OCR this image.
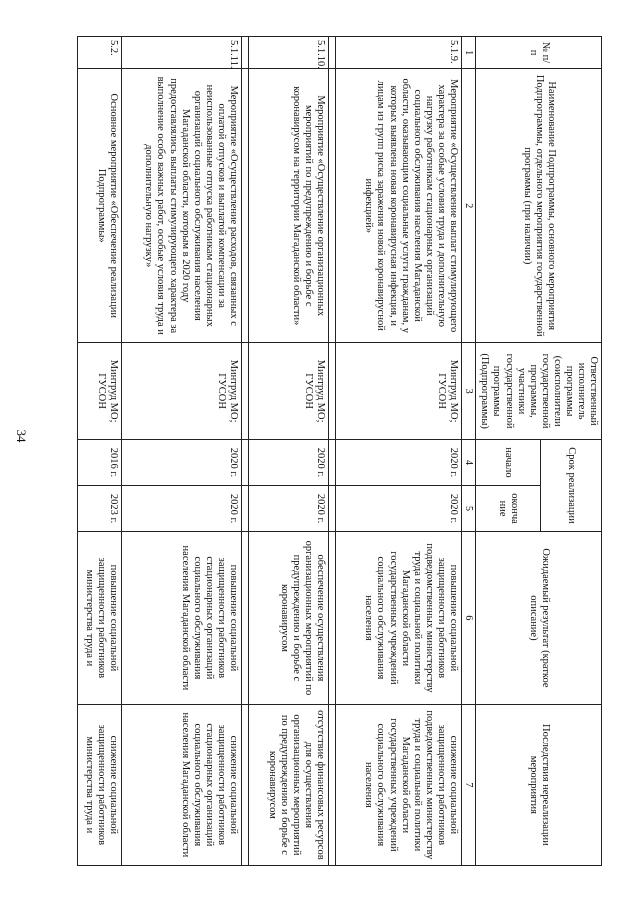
34
№ п/п	Наименование Подпрограммы, основного мероприятия Подпрограммы, отдельного мероприятия государственной программы (при наличии)	Ответственный исполнитель программы (соисполнители государственной программы, участники государственной программы (Подпрограммы)	Срок реализации		Ожидаемый результат (краткое описание)	Последствия нереализации мероприятия
			начало	оконча ние		
1	2	3	4	5	6	7
5.1.9.	Мероприятие «Осуществление выплат стимулирующего характера за особые условия труда и дополнительную нагрузку работникам стационарных организаций социального обслуживания населения Магаданской области, оказывающим социальные услуги гражданам, у которых выявлена новая коронавирусная инфекция, и лицам из групп риска заражения новой коронавирусной инфекцией»	Минтруд МО; ГУСОН	2020 г.	2020 г.	повышение социальной защищенности работников подведомственных министерству труда и социальной политики Магаданской области государственных учреждений социального обслуживания населения	снижение социальной защищенности работников подведомственных министерству труда и социальной политики Магаданской области государственных учреждений социального обслуживания населения

5.1.10.	Мероприятие «Осуществление организационных мероприятий по предупреждению и борьбе с коронавирусом на территории Магаданской области»	Минтруд МО; ГУСОН	2020 г.	2020 г.	обеспечение осуществления организационных мероприятий по предупреждению и борьбе с коронавирусом	отсутствие финансовых ресурсов для осуществления организационных мероприятий по предупреждению и борьбе с коронавирусом

5.1.11.	Мероприятие «Осуществление расходов, связанных с оплатой отпусков и выплатой компенсации за неиспользованные отпуска работникам стационарных организаций социального обслуживания населения Магаданской области, которым в 2020 году предоставлялись выплаты стимулирующего характера за выполнение особо важных работ, особые условия труда и дополнительную нагрузку»	Минтруд МО; ГУСОН	2020 г.	2020 г.	повышение социальной защищенности работников стационарных организаций социального обслуживания населения Магаданской области	снижение социальной защищенности работников стационарных организаций социального обслуживания населения Магаданской области
5.2.	Основное мероприятие «Обеспечение реализации Подпрограммы»	Минтруд МО; ГУСОН	2016 г.	2023 г.	повышение социальной защищенности работников министерства труда и	снижение социальной защищенности работников министерства труда и
